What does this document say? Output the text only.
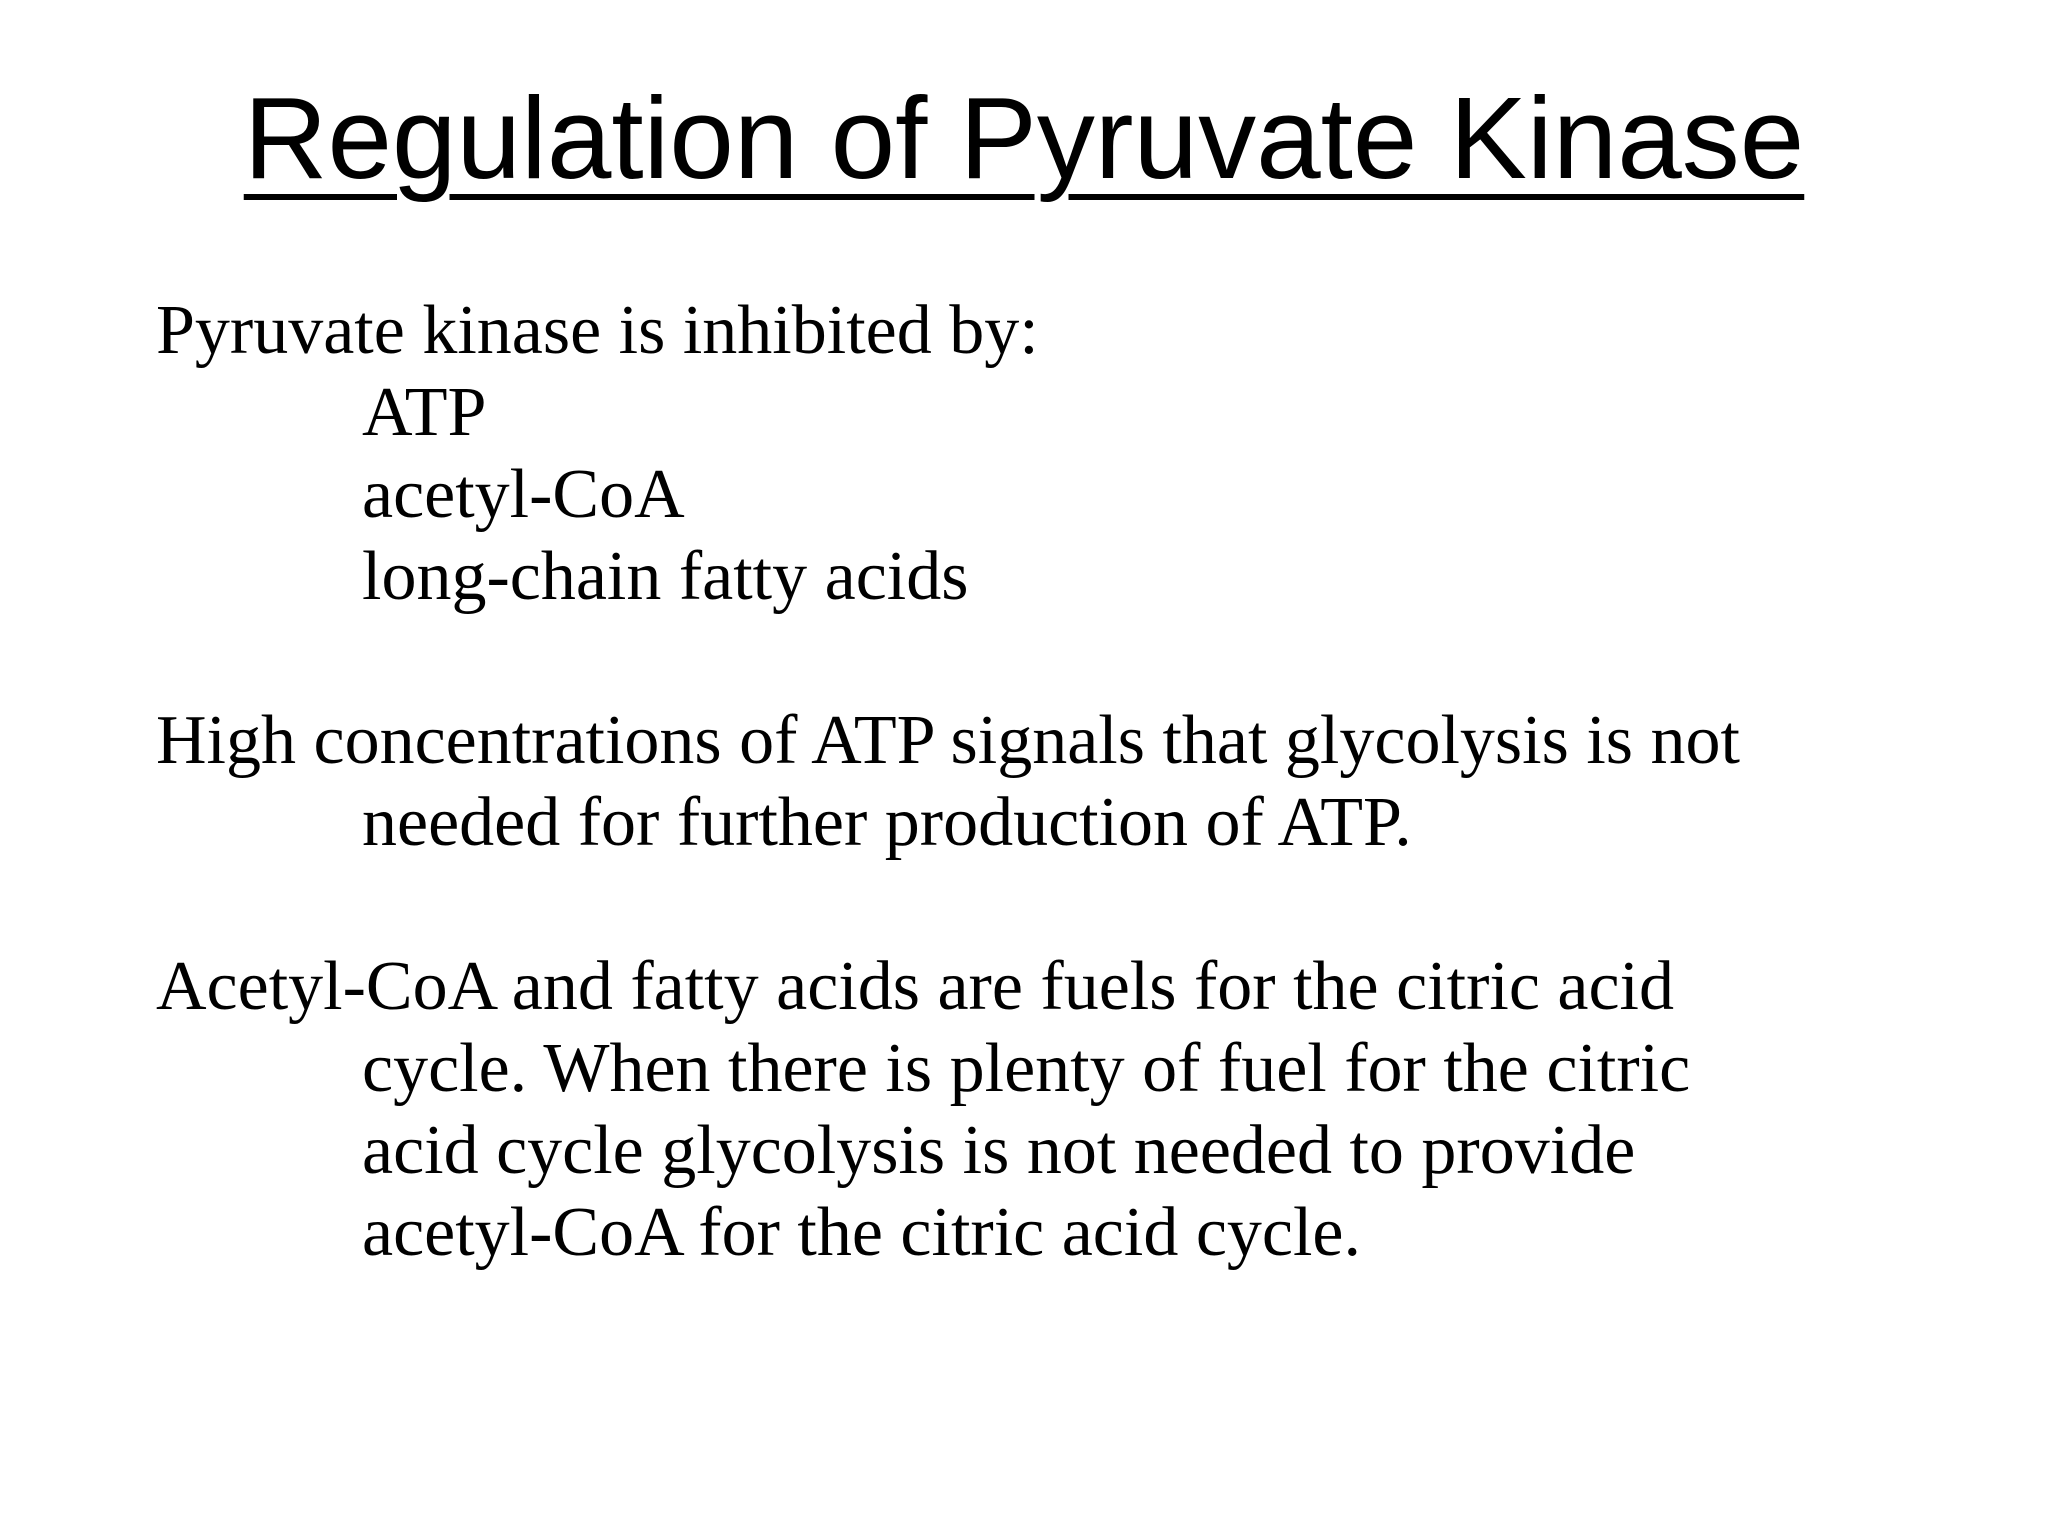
Regulation of Pyruvate Kinase

Pyruvate kinase is inhibited by:

ATP

acetyl-CoA

long-chain fatty acids

High concentrations of ATP signals that glycolysis is not

needed for further production of ATP.

Acetyl-CoA and fatty acids are fuels for the citric acid

cycle. When there is plenty of fuel for the citric

acid cycle glycolysis is not needed to provide

acetyl-CoA for the citric acid cycle.
